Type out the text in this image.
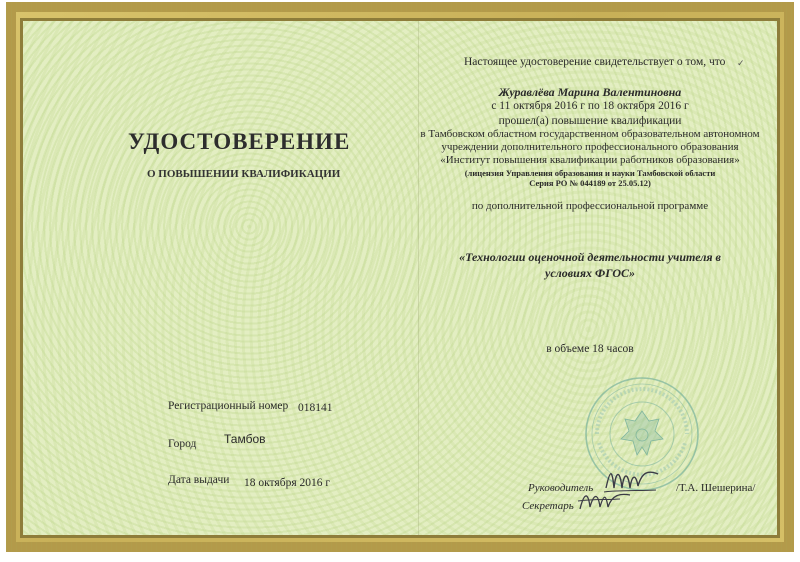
УДОСТОВЕРЕНИЕ
О ПОВЫШЕНИИ КВАЛИФИКАЦИИ
Регистрационный номер 018141
Город Тамбов
Дата выдачи 18 октября 2016 г
Настоящее удостоверение свидетельствует о том, что ✓
Журавлёва Марина Валентиновна
с 11 октября 2016 г по 18 октября 2016 г
прошел(а) повышение квалификации
в Тамбовском областном государственном образовательном автономном
учреждении дополнительного профессионального образования
«Институт повышения квалификации работников образования»
(лицензия Управления образования и науки Тамбовской области
Серия РО № 044189 от 25.05.12)
по дополнительной профессиональной программе
«Технологии оценочной деятельности учителя в
условиях ФГОС»
в объеме 18 часов
Руководитель	/Т.А. Шешерина/
Секретарь
